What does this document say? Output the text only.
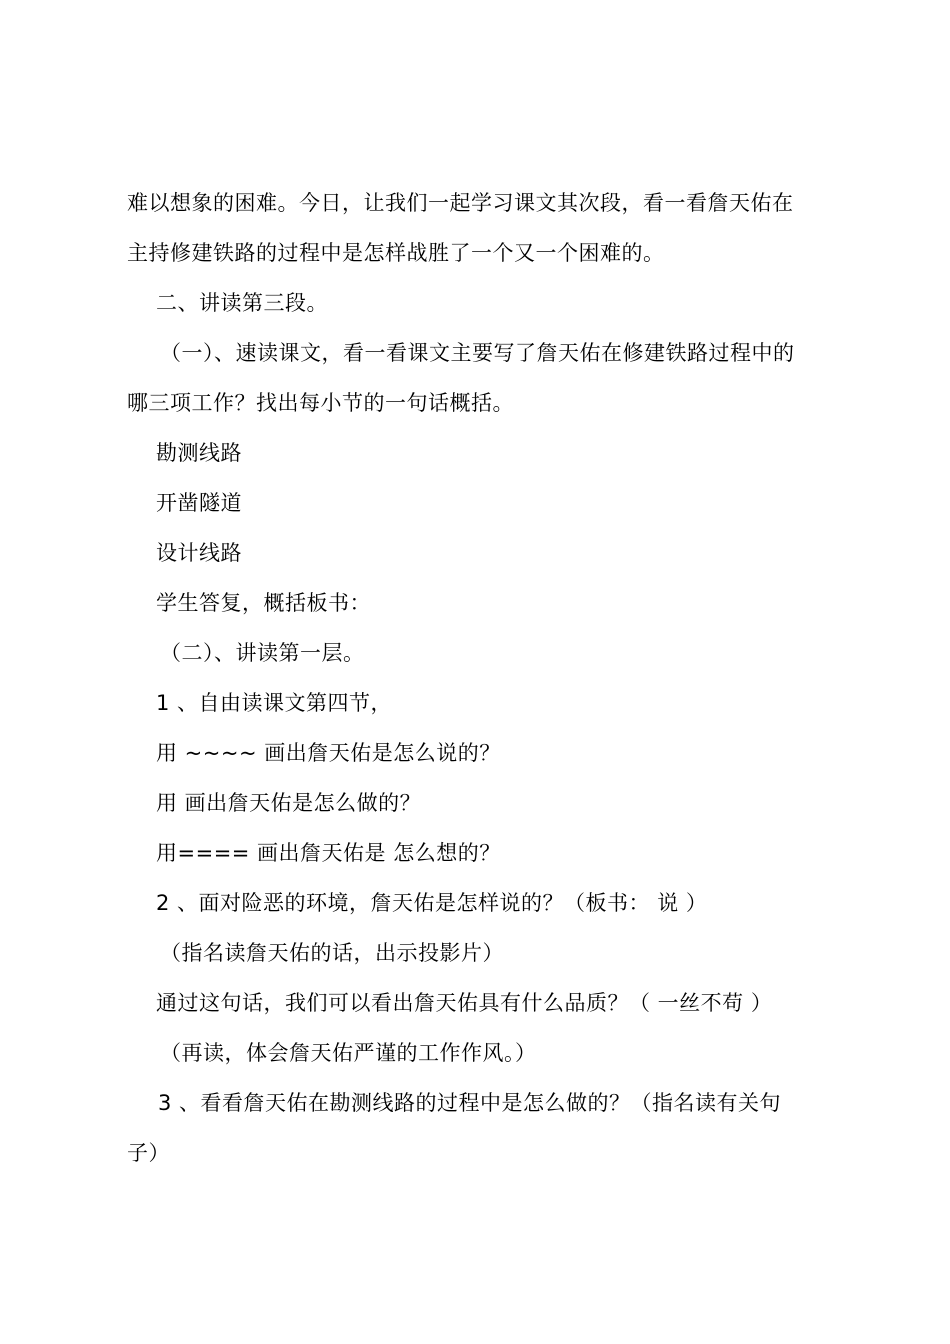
难以想象的困难。今日，让我们一起学习课文其次段，看一看詹天佑在
主持修建铁路的过程中是怎样战胜了一个又一个困难的。
二、讲读第三段。
（一）、速读课文，看一看课文主要写了詹天佑在修建铁路过程中的
哪三项工作？找出每小节的一句话概括。
勘测线路
开凿隧道
设计线路
学生答复，概括板书：
（二）、讲读第一层。
1 、自由读课文第四节，
用 ~~~~ 画出詹天佑是怎么说的？
用 画出詹天佑是怎么做的？
用==== 画出詹天佑是 怎么想的？
2 、面对险恶的环境，詹天佑是怎样说的？（板书： 说 ）
（指名读詹天佑的话，出示投影片）
通过这句话，我们可以看出詹天佑具有什么品质？（ 一丝不苟 ）
（再读，体会詹天佑严谨的工作作风。）
3 、看看詹天佑在勘测线路的过程中是怎么做的？（指名读有关句
子）
